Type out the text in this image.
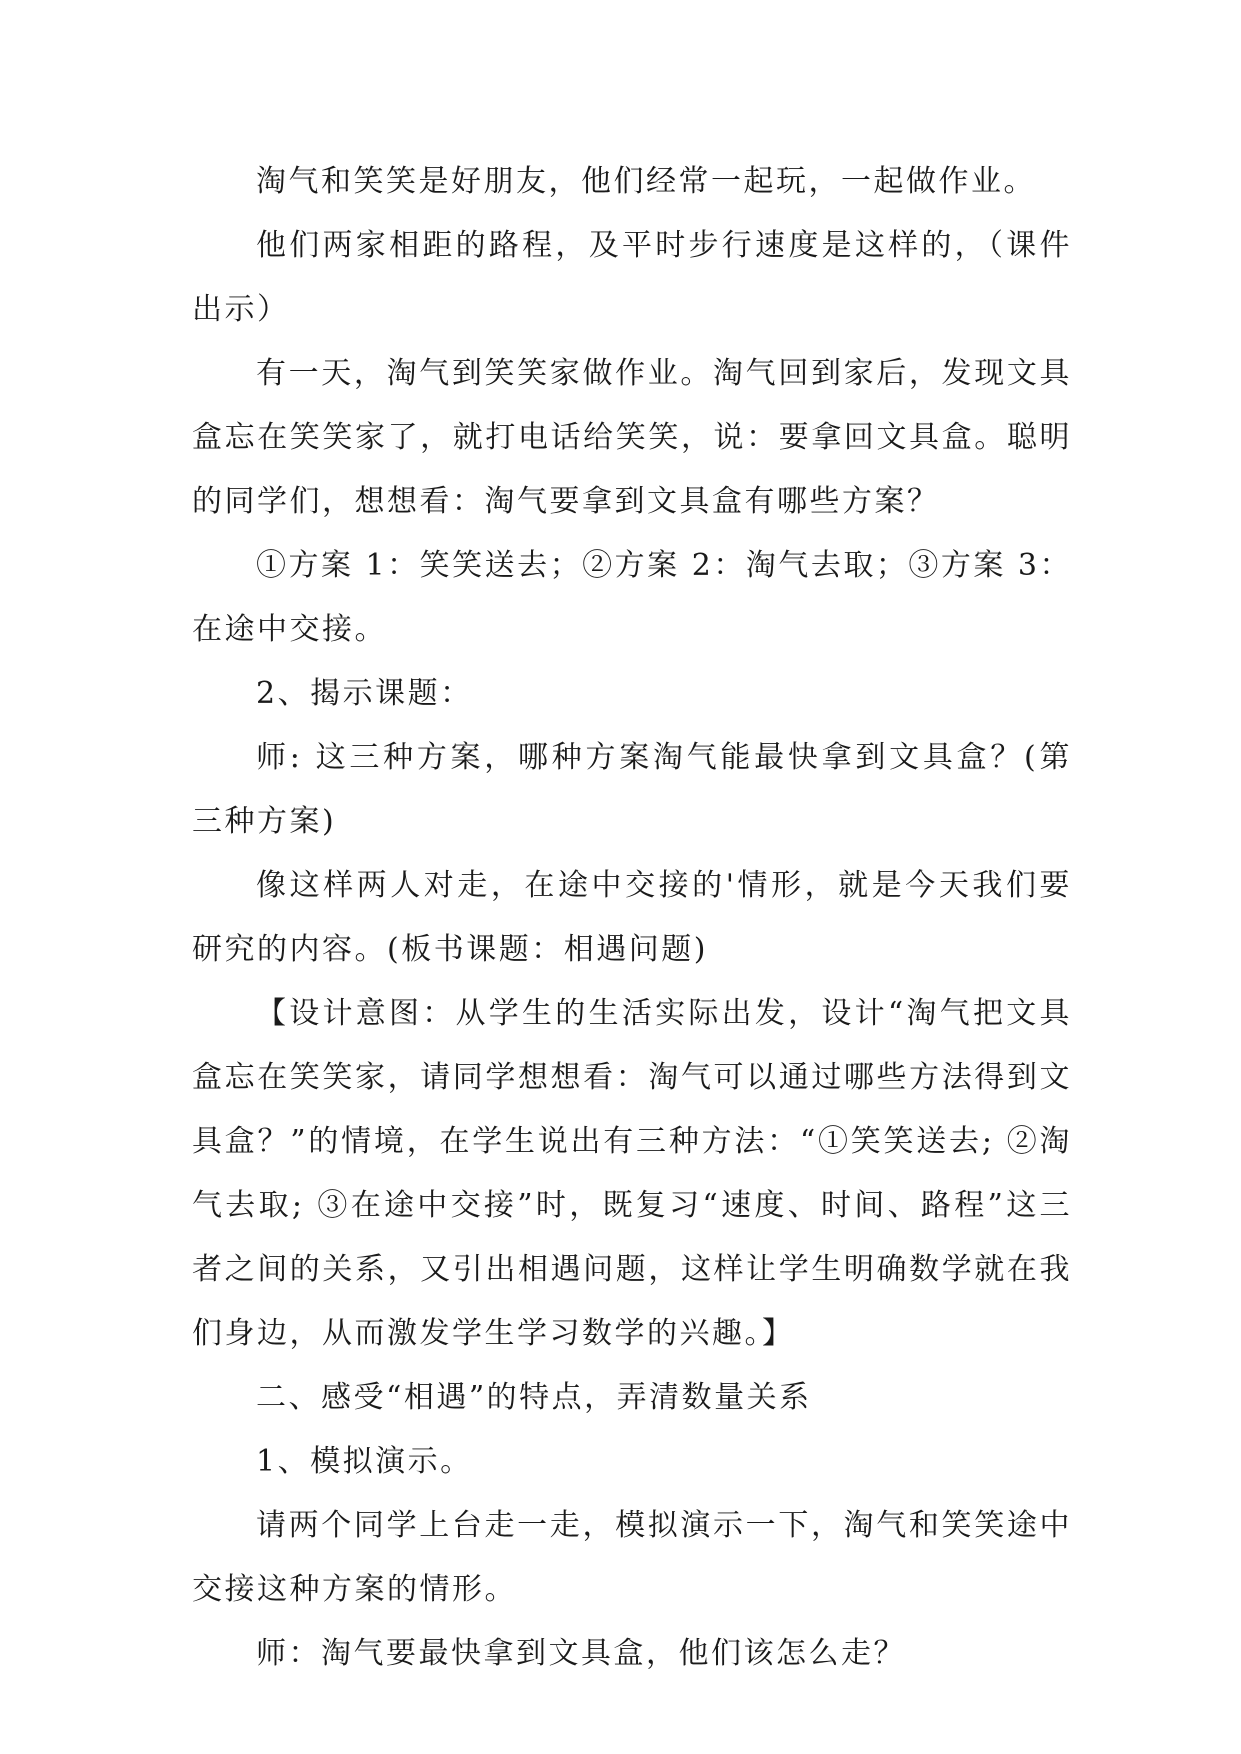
淘气和笑笑是好朋友，他们经常一起玩，一起做作业。

他们两家相距的路程，及平时步行速度是这样的，（课件出示）

有一天，淘气到笑笑家做作业。淘气回到家后，发现文具盒忘在笑笑家了，就打电话给笑笑，说：要拿回文具盒。聪明的同学们，想想看：淘气要拿到文具盒有哪些方案？

①方案 1：笑笑送去；②方案 2：淘气去取；③方案 3：在途中交接。

2、揭示课题：

师: 这三种方案，哪种方案淘气能最快拿到文具盒？(第三种方案)

像这样两人对走，在途中交接的'情形，就是今天我们要研究的内容。(板书课题：相遇问题)

【设计意图：从学生的生活实际出发，设计“淘气把文具盒忘在笑笑家，请同学想想看：淘气可以通过哪些方法得到文具盒？”的情境，在学生说出有三种方法：“①笑笑送去; ②淘气去取; ③在途中交接”时，既复习“速度、时间、路程”这三者之间的关系，又引出相遇问题，这样让学生明确数学就在我们身边，从而激发学生学习数学的兴趣。】

二、感受“相遇”的特点，弄清数量关系

1、模拟演示。

请两个同学上台走一走，模拟演示一下，淘气和笑笑途中交接这种方案的情形。

师：淘气要最快拿到文具盒，他们该怎么走？
